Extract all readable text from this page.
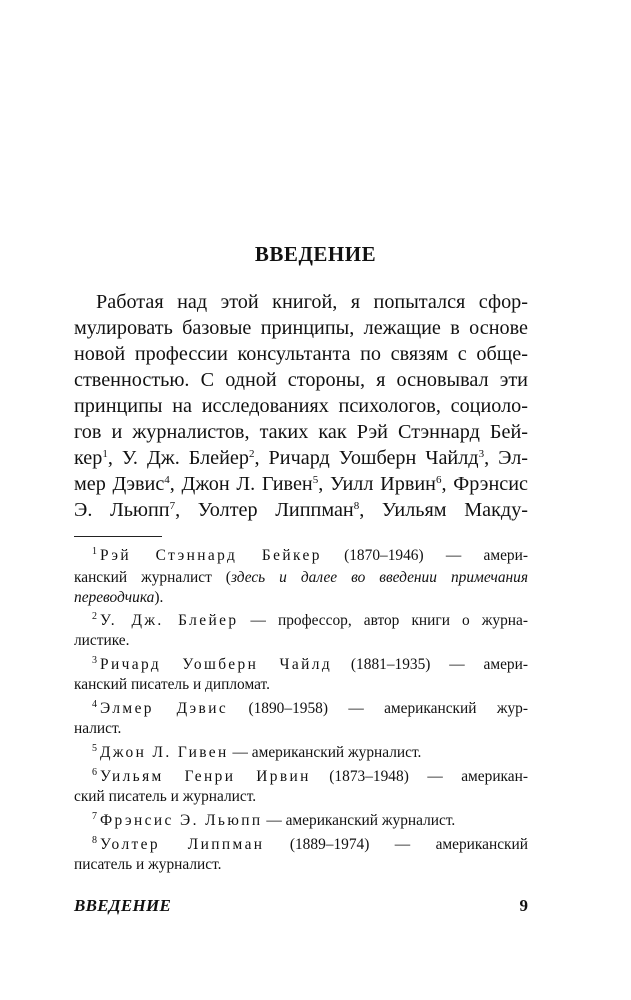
ВВЕДЕНИЕ
Работая над этой книгой, я попытался сфор-
мулировать базовые принципы, лежащие в основе
новой профессии консультанта по связям с обще-
ственностью. С одной стороны, я основывал эти
принципы на исследованиях психологов, социоло-
гов и журналистов, таких как Рэй Стэннард Бей-
кер$^1$, У. Дж. Блейер$^2$, Ричард Уошберн Чайлд$^3$, Эл-
мер Дэвис$^4$, Джон Л. Гивен$^5$, Уилл Ирвин$^6$, Фрэнсис
Э. Льюпп$^7$, Уолтер Липпман$^8$, Уильям Макду-
$^1$ Рэй Стэннард Бейкер (1870–1946) — амери-
канский журналист (здесь и далее во введении примечания
переводчика).
$^2$ У. Дж. Блейер — профессор, автор книги о журна-
листике.
$^3$ Ричард Уошберн Чайлд (1881–1935) — амери-
канский писатель и дипломат.
$^4$ Элмер Дэвис (1890–1958) — американский жур-
налист.
$^5$ Джон Л. Гивен — американский журналист.
$^6$ Уильям Генри Ирвин (1873–1948) — американ-
ский писатель и журналист.
$^7$ Фрэнсис Э. Льюпп — американский журналист.
$^8$ Уолтер Липпман (1889–1974) — американский
писатель и журналист.
ВВЕДЕНИЕ	9
